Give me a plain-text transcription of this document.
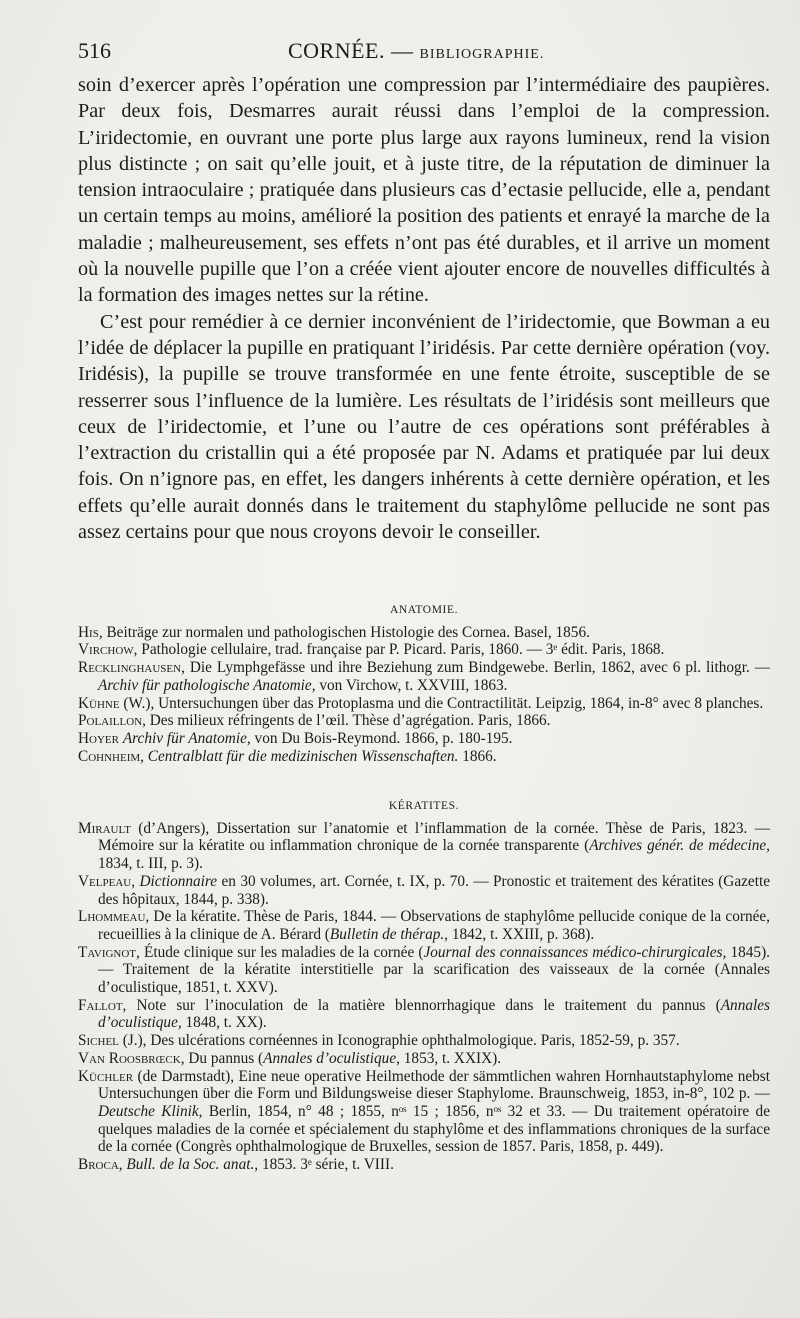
516	CORNÉE. — BIBLIOGRAPHIE.

soin d’exercer après l’opération une compression par l’intermédiaire des paupières. Par deux fois, Desmarres aurait réussi dans l’emploi de la compression. L’iridectomie, en ouvrant une porte plus large aux rayons lumineux, rend la vision plus distincte ; on sait qu’elle jouit, et à juste titre, de la réputation de diminuer la tension intraoculaire ; pratiquée dans plusieurs cas d’ectasie pellucide, elle a, pendant un certain temps au moins, amélioré la position des patients et enrayé la marche de la maladie ; malheureusement, ses effets n’ont pas été durables, et il arrive un moment où la nouvelle pupille que l’on a créée vient ajouter encore de nouvelles difficultés à la formation des images nettes sur la rétine.

C’est pour remédier à ce dernier inconvénient de l’iridectomie, que Bowman a eu l’idée de déplacer la pupille en pratiquant l’iridésis. Par cette dernière opération (voy. Iridésis), la pupille se trouve transformée en une fente étroite, susceptible de se resserrer sous l’influence de la lumière. Les résultats de l’iridésis sont meilleurs que ceux de l’iridectomie, et l’une ou l’autre de ces opérations sont préférables à l’extraction du cristallin qui a été proposée par N. Adams et pratiquée par lui deux fois. On n’ignore pas, en effet, les dangers inhérents à cette dernière opération, et les effets qu’elle aurait donnés dans le traitement du staphylôme pellucide ne sont pas assez certains pour que nous croyons devoir le conseiller.

ANATOMIE.

His, Beiträge zur normalen und pathologischen Histologie des Cornea. Basel, 1856.

Virchow, Pathologie cellulaire, trad. française par P. Picard. Paris, 1860. — 3ᵉ édit. Paris, 1868.

Recklinghausen, Die Lymphgefässe und ihre Beziehung zum Bindgewebe. Berlin, 1862, avec 6 pl. lithogr. — Archiv für pathologische Anatomie, von Virchow, t. XXVIII, 1863.

Kühne (W.), Untersuchungen über das Protoplasma und die Contractilität. Leipzig, 1864, in-8° avec 8 planches.

Polaillon, Des milieux réfringents de l’œil. Thèse d’agrégation. Paris, 1866.

Hoyer Archiv für Anatomie, von Du Bois-Reymond. 1866, p. 180-195.

Cohnheim, Centralblatt für die medizinischen Wissenschaften. 1866.

KÉRATITES.

Mirault (d’Angers), Dissertation sur l’anatomie et l’inflammation de la cornée. Thèse de Paris, 1823. — Mémoire sur la kératite ou inflammation chronique de la cornée transparente (Archives génér. de médecine, 1834, t. III, p. 3).

Velpeau, Dictionnaire en 30 volumes, art. Cornée, t. IX, p. 70. — Pronostic et traitement des kératites (Gazette des hôpitaux, 1844, p. 338).

Lhommeau, De la kératite. Thèse de Paris, 1844. — Observations de staphylôme pellucide conique de la cornée, recueillies à la clinique de A. Bérard (Bulletin de thérap., 1842, t. XXIII, p. 368).

Tavignot, Étude clinique sur les maladies de la cornée (Journal des connaissances médico-chirurgicales, 1845). — Traitement de la kératite interstitielle par la scarification des vaisseaux de la cornée (Annales d’oculistique, 1851, t. XXV).

Fallot, Note sur l’inoculation de la matière blennorrhagique dans le traitement du pannus (Annales d’oculistique, 1848, t. XX).

Sichel (J.), Des ulcérations cornéennes in Iconographie ophthalmologique. Paris, 1852-59, p. 357.

Van Roosbrœck, Du pannus (Annales d’oculistique, 1853, t. XXIX).

Küchler (de Darmstadt), Eine neue operative Heilmethode der sämmtlichen wahren Hornhautstaphylome nebst Untersuchungen über die Form und Bildungsweise dieser Staphylome. Braunschweig, 1853, in-8°, 102 p. — Deutsche Klinik, Berlin, 1854, n° 48 ; 1855, nᵒˢ 15 ; 1856, nᵒˢ 32 et 33. — Du traitement opératoire de quelques maladies de la cornée et spécialement du staphylôme et des inflammations chroniques de la surface de la cornée (Congrès ophthalmologique de Bruxelles, session de 1857. Paris, 1858, p. 449).

Broca, Bull. de la Soc. anat., 1853. 3ᵉ série, t. VIII.
